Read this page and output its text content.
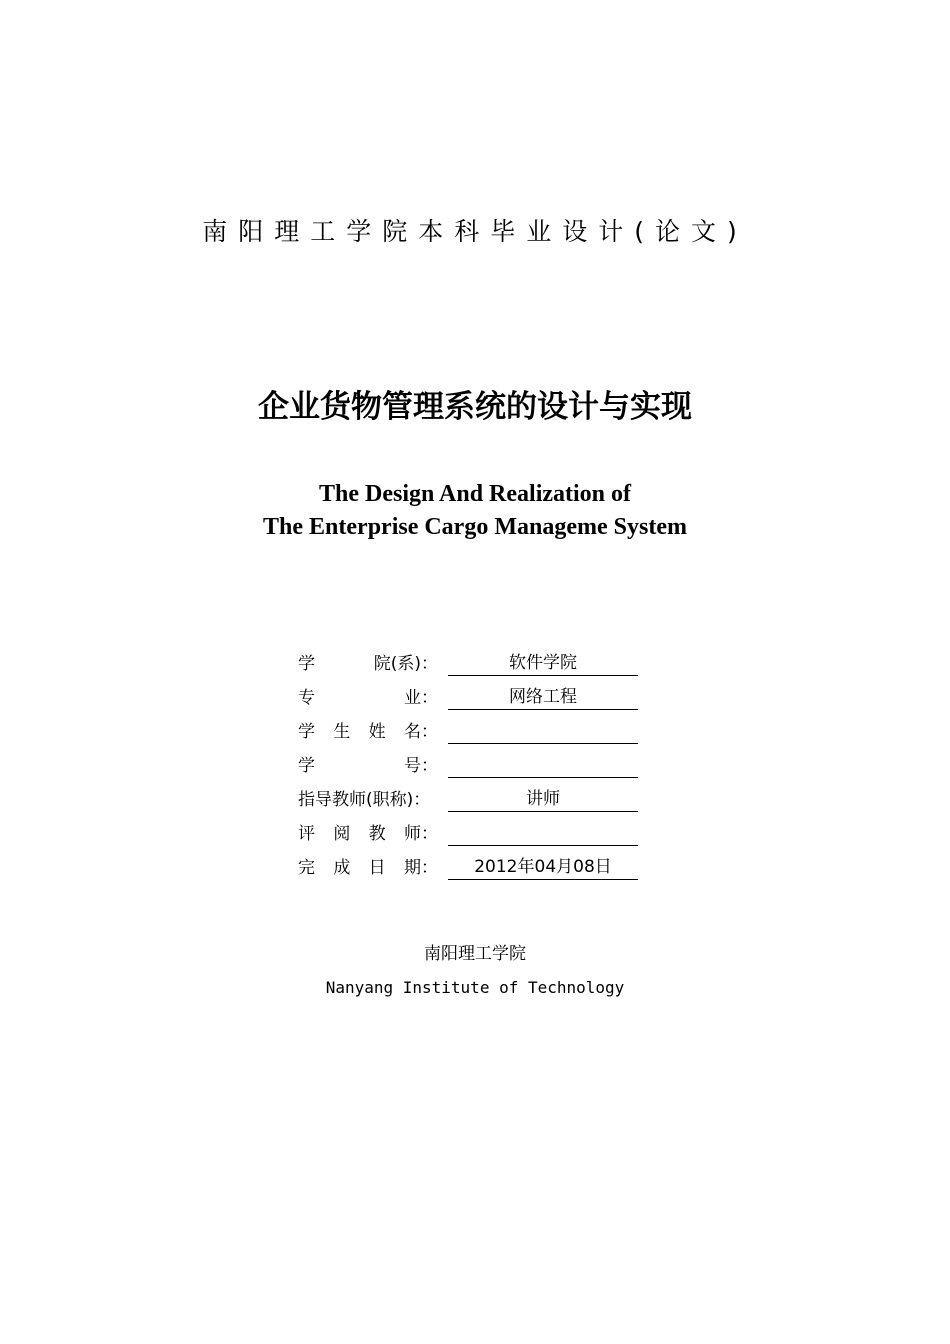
南阳理工学院本科毕业设计(论文)
企业货物管理系统的设计与实现
The Design And Realization of
The Enterprise Cargo Manageme System
学	院(系)：	软件学院
专	业：	网络工程
学 生 姓 名：
学	号：
指导教师(职称)：	讲师
评 阅 教 师：
完 成 日 期：	2012年04月08日
南阳理工学院
Nanyang Institute of Technology
